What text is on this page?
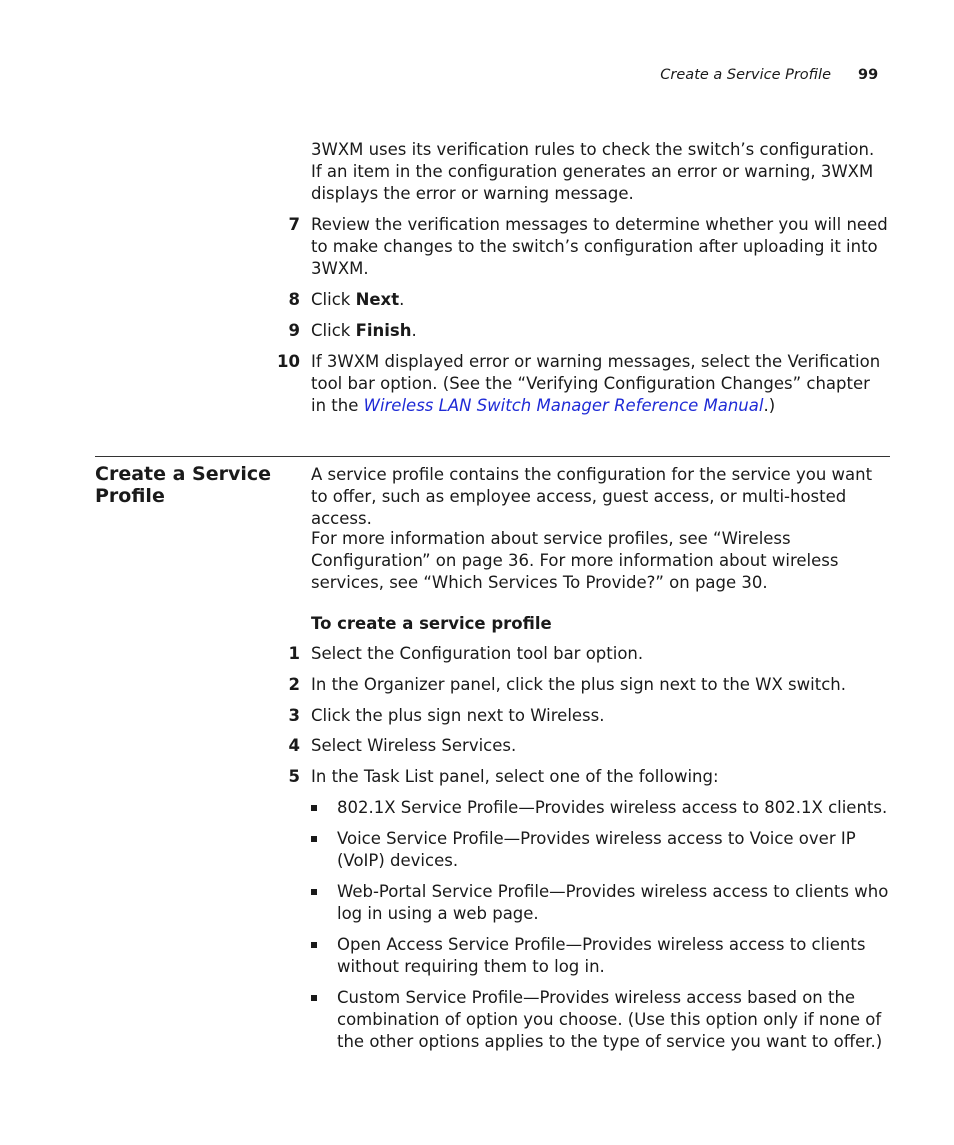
Create a Service Profile 99

3WXM uses its verification rules to check the switch’s configuration. If an item in the configuration generates an error or warning, 3WXM displays the error or warning message.

7 Review the verification messages to determine whether you will need to make changes to the switch’s configuration after uploading it into 3WXM.
8 Click Next.
9 Click Finish.
10 If 3WXM displayed error or warning messages, select the Verification tool bar option. (See the “Verifying Configuration Changes” chapter in the Wireless LAN Switch Manager Reference Manual.)
Create a Service Profile

A service profile contains the configuration for the service you want to offer, such as employee access, guest access, or multi-hosted access.

For more information about service profiles, see “Wireless Configuration” on page 36. For more information about wireless services, see “Which Services To Provide?” on page 30.

To create a service profile
1 Select the Configuration tool bar option.
2 In the Organizer panel, click the plus sign next to the WX switch.
3 Click the plus sign next to Wireless.
4 Select Wireless Services.
5 In the Task List panel, select one of the following:
802.1X Service Profile—Provides wireless access to 802.1X clients.
Voice Service Profile—Provides wireless access to Voice over IP (VoIP) devices.
Web-Portal Service Profile—Provides wireless access to clients who log in using a web page.
Open Access Service Profile—Provides wireless access to clients without requiring them to log in.
Custom Service Profile—Provides wireless access based on the combination of option you choose. (Use this option only if none of the other options applies to the type of service you want to offer.)
